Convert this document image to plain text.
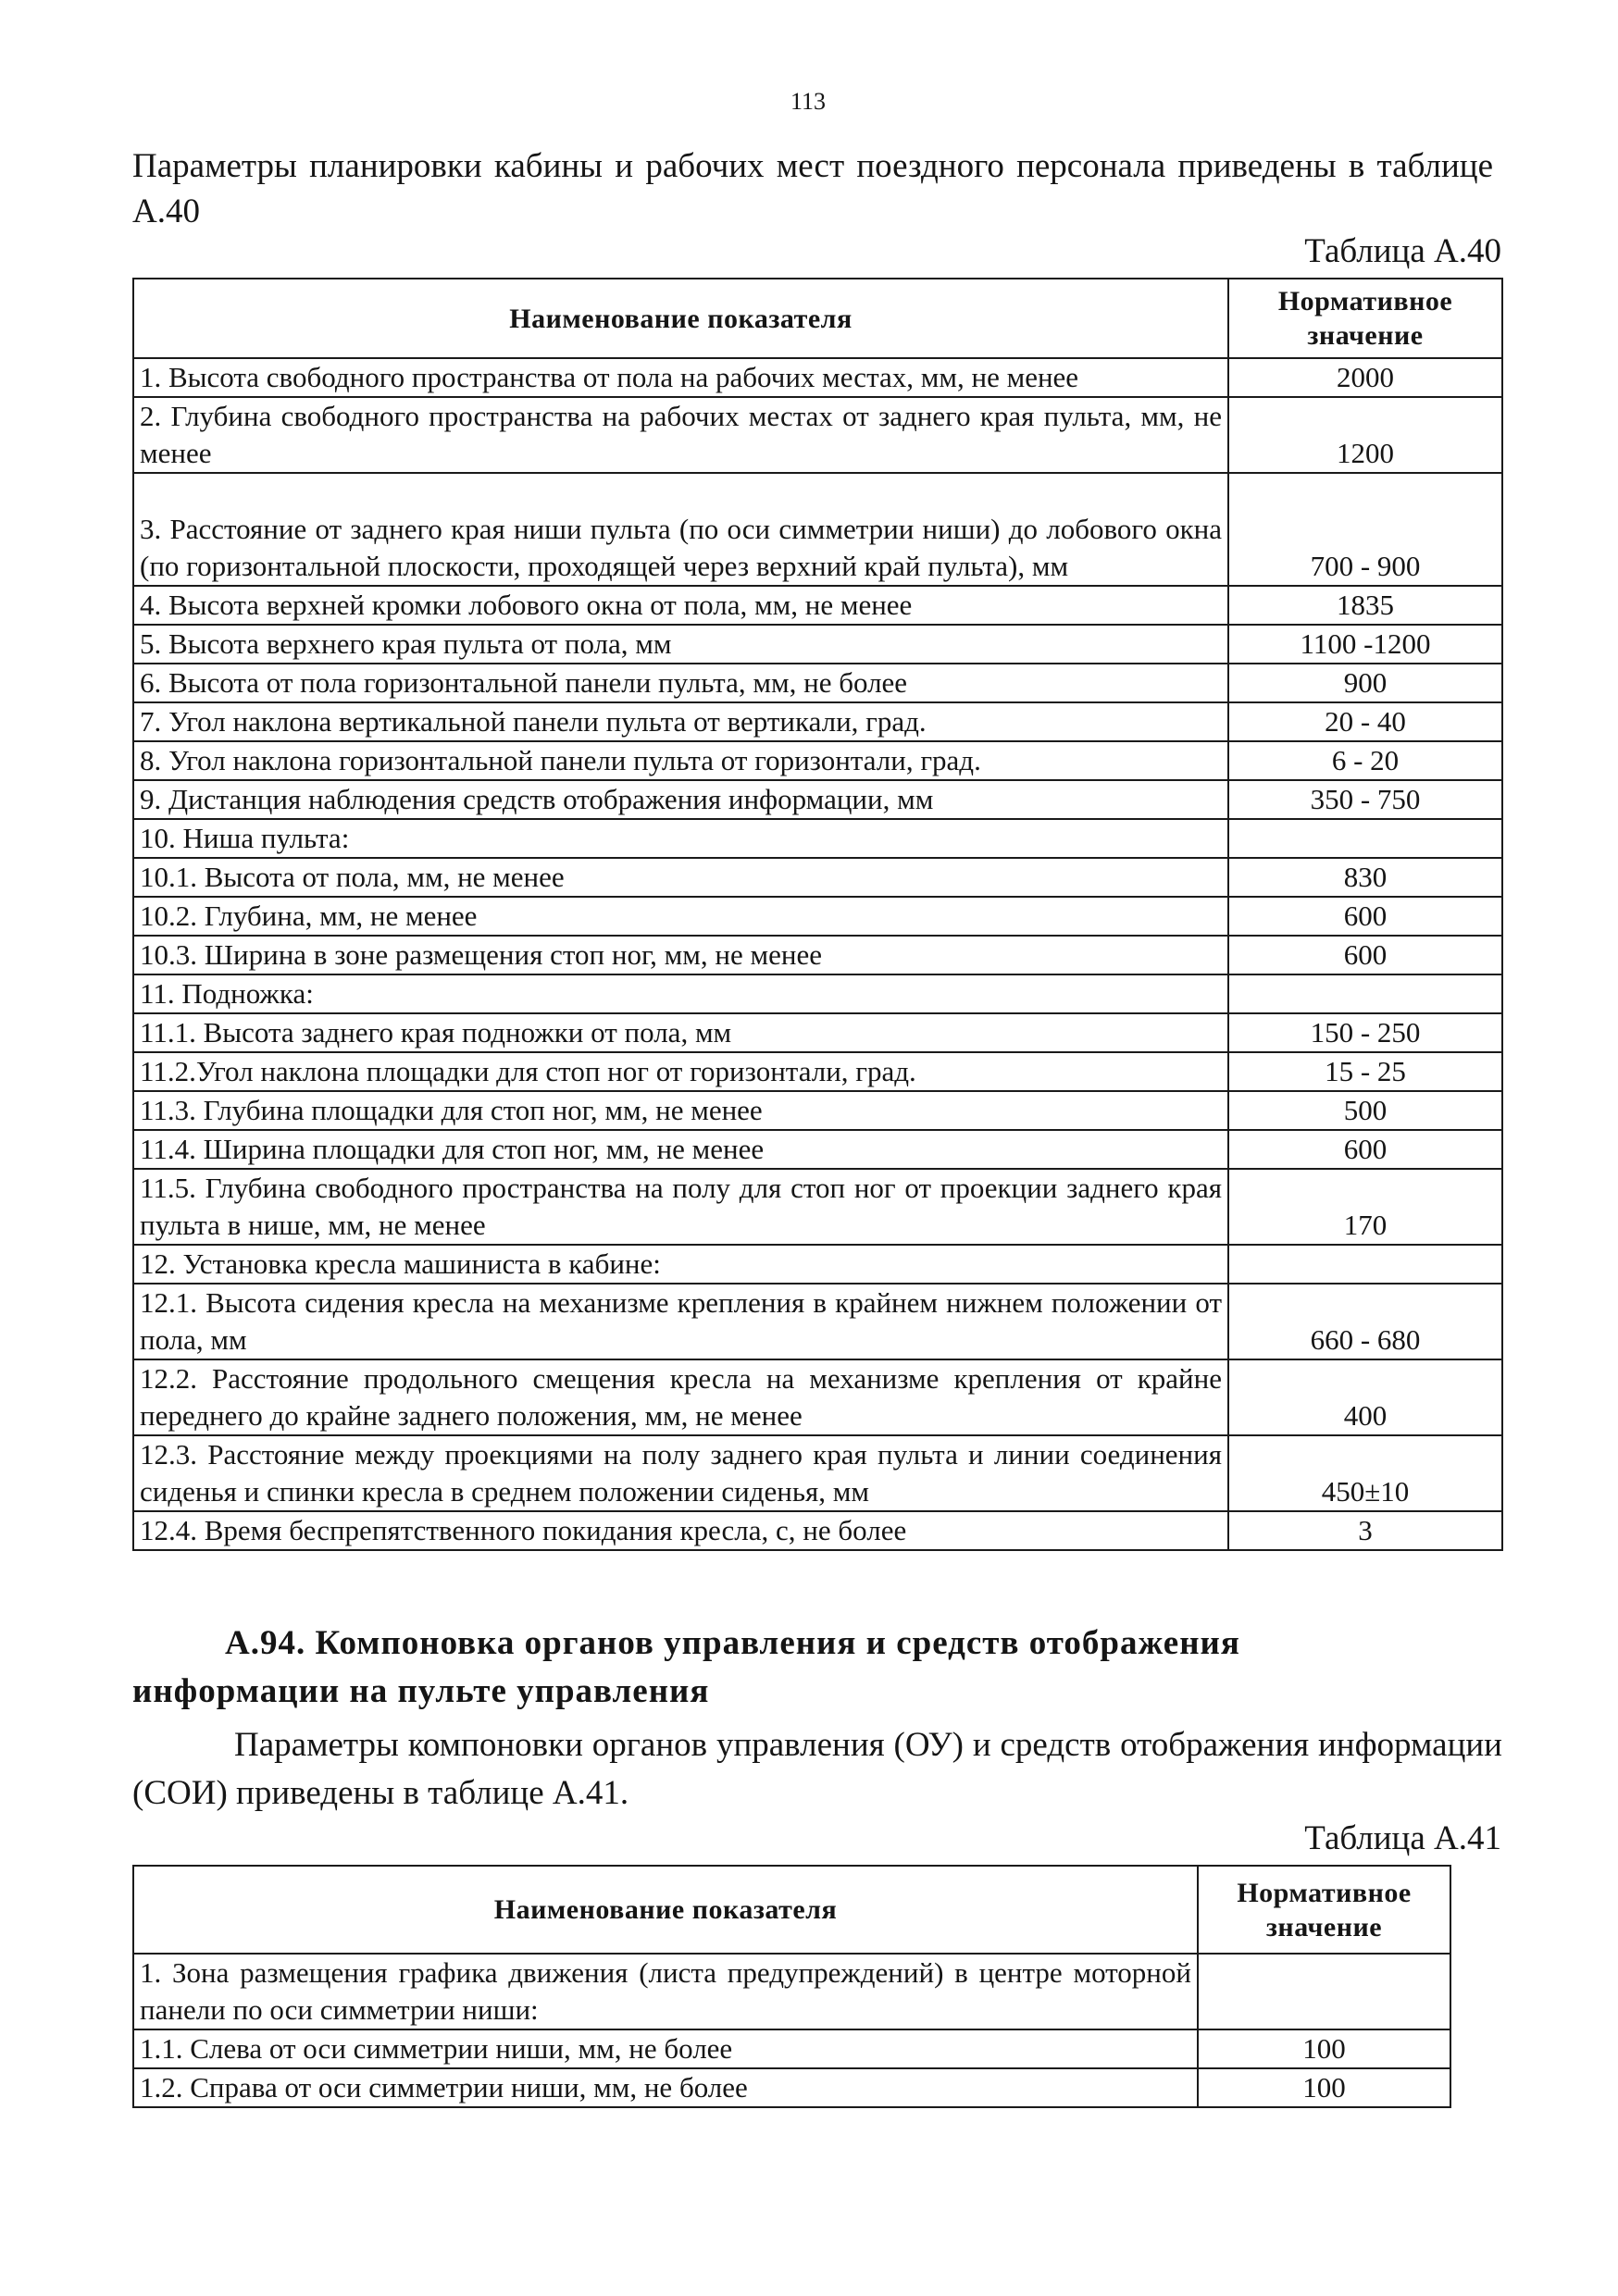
113
Параметры планировки кабины и рабочих мест поездного персонала приведены в таблице А.40
Таблица А.40
Наименование показателя	Нормативное значение
1. Высота свободного пространства от пола на рабочих местах, мм, не менее	2000
2. Глубина свободного пространства на рабочих местах от заднего края пульта, мм, не менее	1200
3. Расстояние от заднего края ниши пульта (по оси симметрии ниши) до лобового окна (по горизонтальной плоскости, проходящей через верхний край пульта), мм	700 - 900
4. Высота верхней кромки лобового окна от пола, мм, не менее	1835
5. Высота верхнего края пульта от пола, мм	1100 -1200
6. Высота от пола горизонтальной панели пульта, мм, не более	900
7. Угол наклона вертикальной панели пульта от вертикали, град.	20 - 40
8. Угол наклона горизонтальной панели пульта от горизонтали, град.	6 - 20
9. Дистанция наблюдения средств отображения информации, мм	350 - 750
10. Ниша пульта:	
10.1. Высота от пола, мм, не менее	830
10.2. Глубина, мм, не менее	600
10.3. Ширина в зоне размещения стоп ног, мм, не менее	600
11. Подножка:	
11.1. Высота заднего края подножки от пола, мм	150 - 250
11.2.Угол наклона площадки для стоп ног от горизонтали, град.	15 - 25
11.3. Глубина площадки для стоп ног, мм, не менее	500
11.4. Ширина площадки для стоп ног, мм, не менее	600
11.5. Глубина свободного пространства на полу для стоп ног от проекции заднего края пульта в нише, мм, не менее	170
12. Установка кресла машиниста в кабине:	
12.1. Высота сидения кресла на механизме крепления в крайнем нижнем положении от пола, мм	660 - 680
12.2. Расстояние продольного смещения кресла на механизме крепления от крайне переднего до крайне заднего положения, мм, не менее	400
12.3. Расстояние между проекциями на полу заднего края пульта и линии соединения сиденья и спинки кресла в среднем положении сиденья, мм	450±10
12.4. Время беспрепятственного покидания кресла, с, не более	3
А.94. Компоновка органов управления и средств отображения
информации на пульте управления
Параметры компоновки органов управления (ОУ) и средств отображения информации (СОИ) приведены в таблице А.41.
Таблица А.41
Наименование показателя	Нормативное значение
1. Зона размещения графика движения (листа предупреждений) в центре моторной панели по оси симметрии ниши:	
1.1. Слева от оси симметрии ниши, мм, не более	100
1.2. Справа от оси симметрии ниши, мм, не более	100
